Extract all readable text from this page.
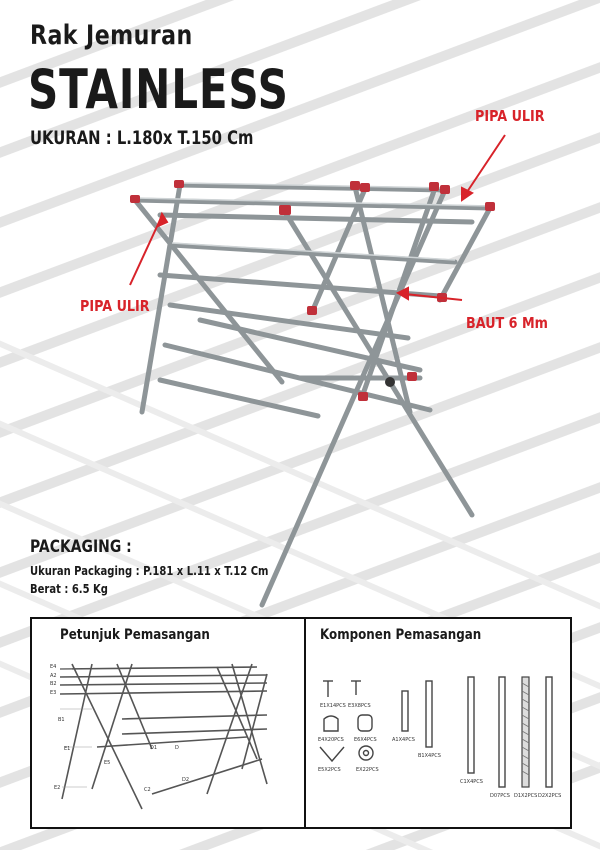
Rak Jemuran
STAINLESS
UKURAN : L.180x T.150 Cm
PIPA ULIR
PIPA ULIR
BAUT 6 Mm
PACKAGING :
Ukuran Packaging : P.181 x L.11 x T.12 Cm
Berat : 6.5 Kg
Petunjuk Pemasangan
E4
A2
B2
E3
B1
E1
E5
D1	D
D2
E2	C2
Komponen Pemasangan
E1X14PCS E3X8PCS
A1X4PCS
B1X4PCS
C1X4PCS
D07PCS D1X2PCS D2X2PCS
E4X20PCS E6X4PCS
E5X2PCS	EX22PCS
